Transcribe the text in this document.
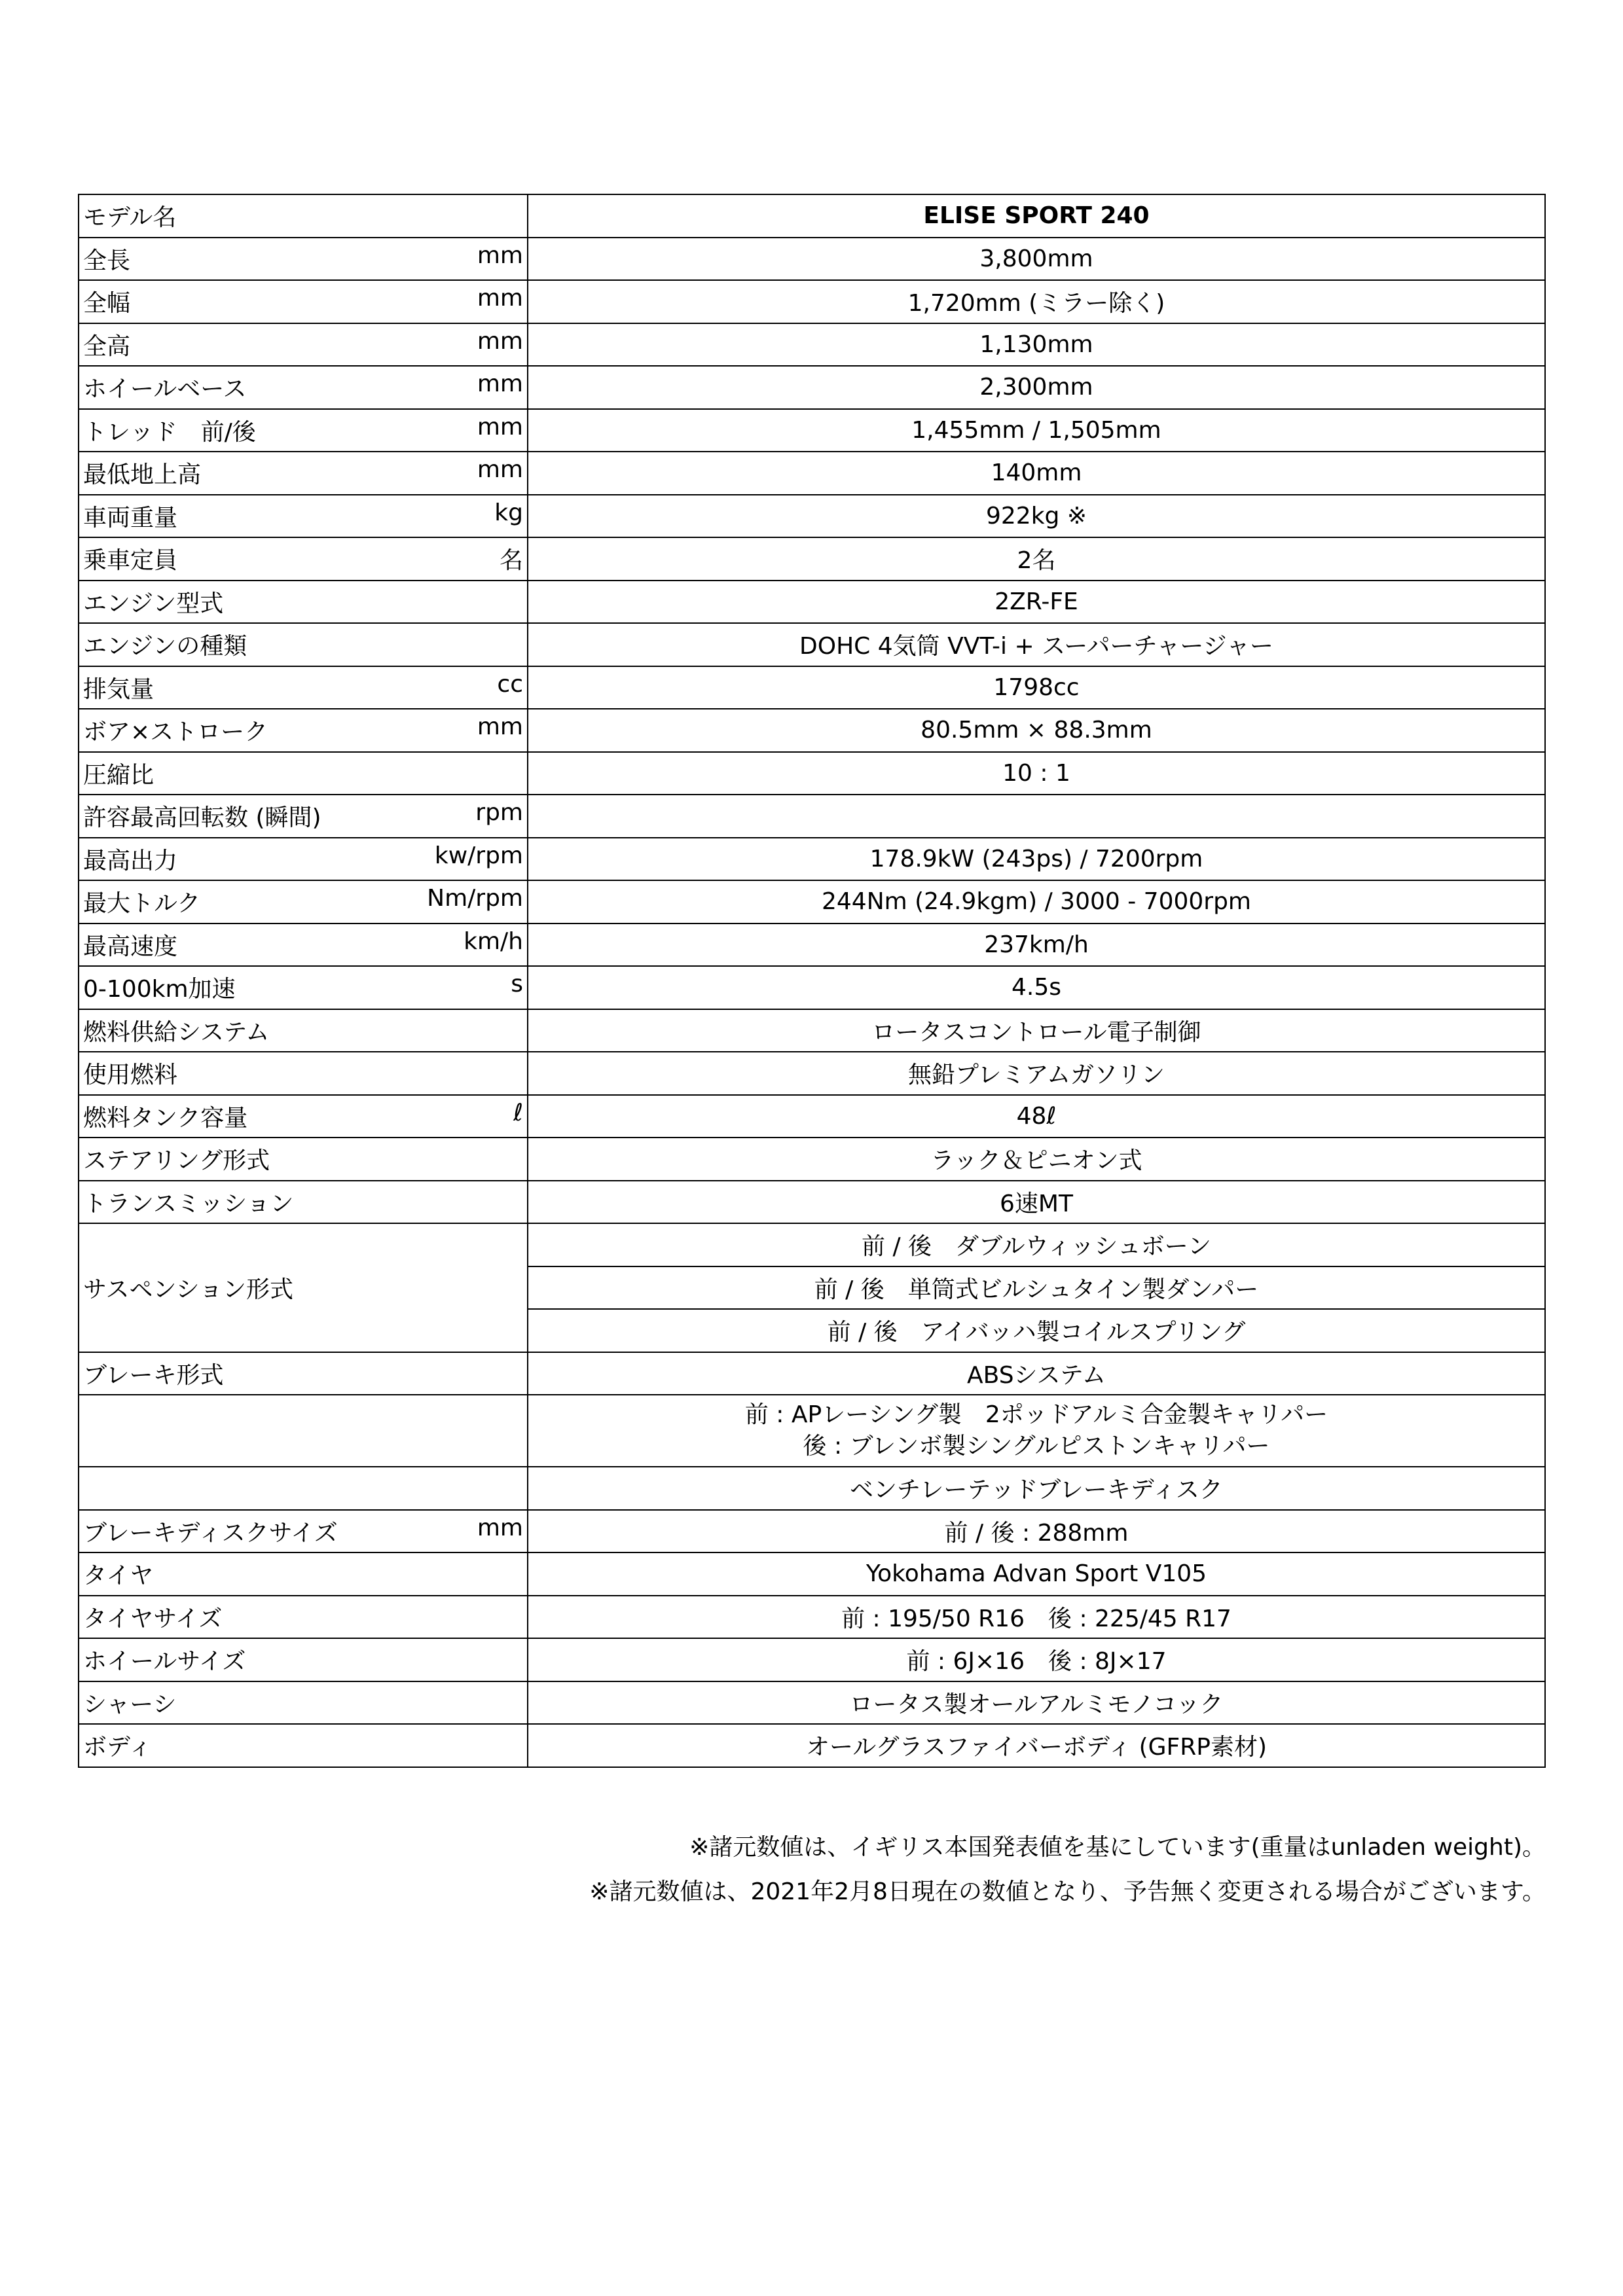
モデル名	ELISE SPORT 240

全長 mm	3,800mm

全幅 mm	1,720mm (ミラー除く)

全高 mm	1,130mm

ホイールベース mm	2,300mm

トレッド　前/後 mm	1,455mm / 1,505mm

最低地上高 mm	140mm

車両重量 kg	922kg ※

乗車定員 名	2名

エンジン型式	2ZR-FE

エンジンの種類	DOHC 4気筒 VVT-i + スーパーチャージャー

排気量 cc	1798cc

ボア×ストローク mm	80.5mm × 88.3mm

圧縮比	10 : 1

許容最高回転数 (瞬間) rpm	

最高出力 kw/rpm	178.9kW (243ps) / 7200rpm

最大トルク Nm/rpm	244Nm (24.9kgm) / 3000 - 7000rpm

最高速度 km/h	237km/h

0-100km加速 s	4.5s

燃料供給システム	ロータスコントロール電子制御

使用燃料	無鉛プレミアムガソリン

燃料タンク容量 ℓ	48ℓ

ステアリング形式	ラック＆ピニオン式

トランスミッション	6速MT

サスペンション形式	前 / 後　ダブルウィッシュボーン
	前 / 後　単筒式ビルシュタイン製ダンパー
	前 / 後　アイバッハ製コイルスプリング

ブレーキ形式	ABSシステム

	前 : APレーシング製　2ポッドアルミ合金製キャリパー
後 : ブレンボ製シングルピストンキャリパー

	ベンチレーテッドブレーキディスク

ブレーキディスクサイズ mm	前 / 後 : 288mm

タイヤ	Yokohama Advan Sport V105

タイヤサイズ	前 : 195/50 R16　後 : 225/45 R17

ホイールサイズ	前 : 6J×16　後 : 8J×17

シャーシ	ロータス製オールアルミモノコック

ボディ	オールグラスファイバーボディ (GFRP素材)
※諸元数値は、イギリス本国発表値を基にしています(重量はunladen weight)。
※諸元数値は、2021年2月8日現在の数値となり、予告無く変更される場合がございます。
